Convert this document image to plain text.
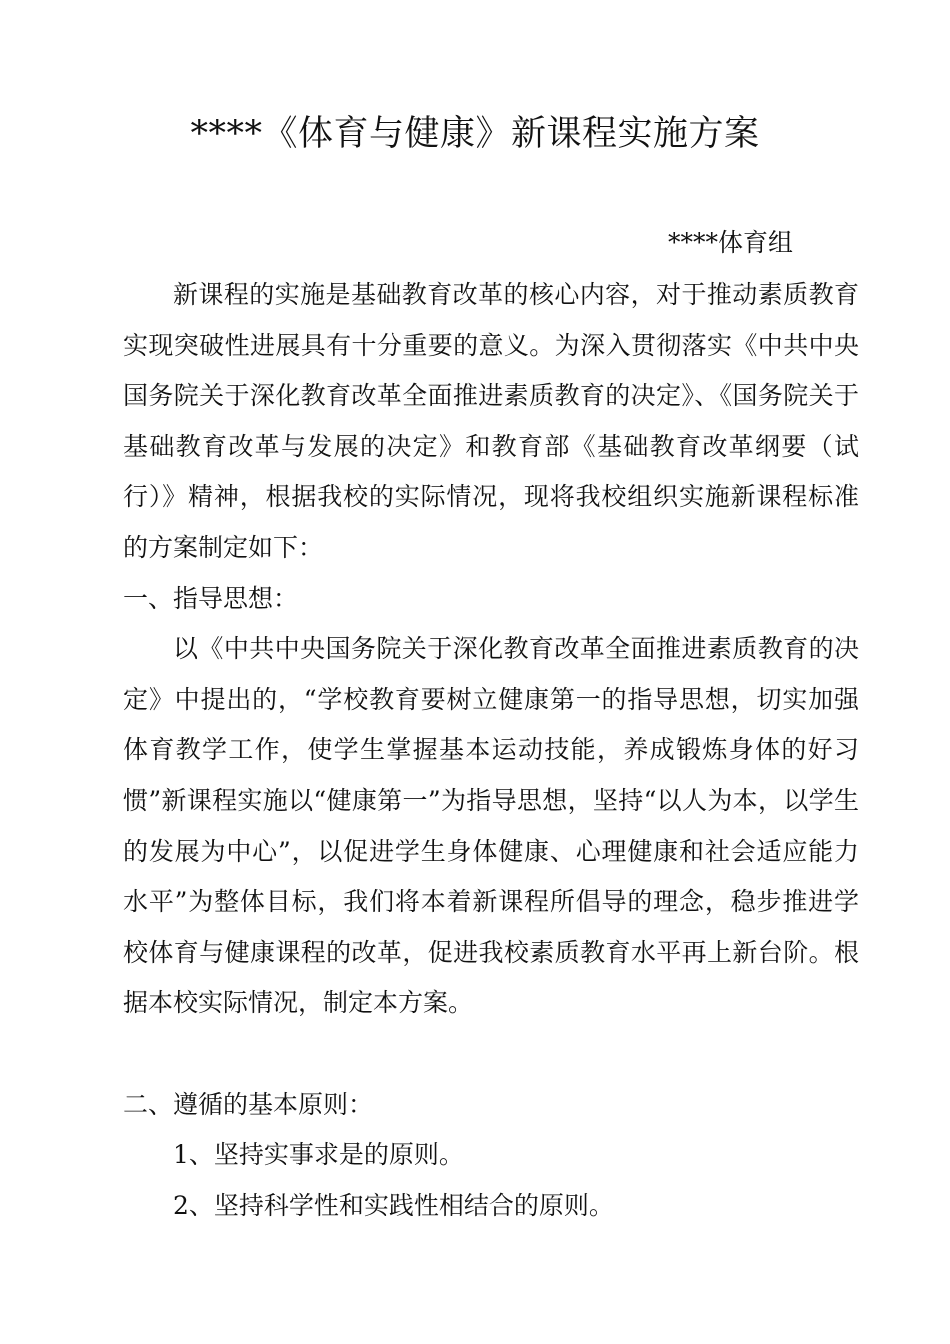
****《体育与健康》新课程实施方案
****体育组

新课程的实施是基础教育改革的核心内容，对于推动素质教育实现突破性进展具有十分重要的意义。为深入贯彻落实《中共中央国务院关于深化教育改革全面推进素质教育的决定》、《国务院关于基础教育改革与发展的决定》和教育部《基础教育改革纲要（试行）》精神，根据我校的实际情况，现将我校组织实施新课程标准的方案制定如下：

一、指导思想：

以《中共中央国务院关于深化教育改革全面推进素质教育的决定》中提出的，“学校教育要树立健康第一的指导思想，切实加强体育教学工作，使学生掌握基本运动技能，养成锻炼身体的好习惯”新课程实施以“健康第一”为指导思想，坚持“以人为本，以学生的发展为中心”，以促进学生身体健康、心理健康和社会适应能力水平”为整体目标，我们将本着新课程所倡导的理念，稳步推进学校体育与健康课程的改革，促进我校素质教育水平再上新台阶。根据本校实际情况，制定本方案。

二、遵循的基本原则：

1、坚持实事求是的原则。

2、坚持科学性和实践性相结合的原则。
